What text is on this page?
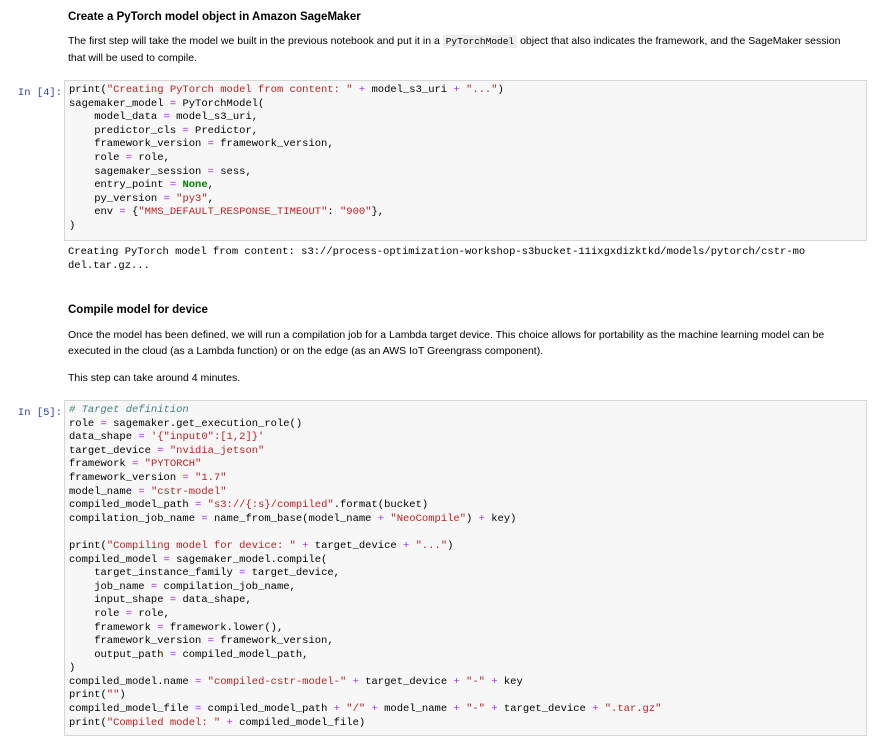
Create a PyTorch model object in Amazon SageMaker
The first step will take the model we built in the previous notebook and put it in a PyTorchModel object that also indicates the framework, and the SageMaker session that will be used to compile.
In [4]: print("Creating PyTorch model from content: " + model_s3_uri + "...")
sagemaker_model = PyTorchModel(
model_data = model_s3_uri,
predictor_cls = Predictor,
framework_version = framework_version,
role = role,
sagemaker_session = sess,
entry_point = None,
py_version = "py3",
env = {"MMS_DEFAULT_RESPONSE_TIMEOUT": "900"},
)
Creating PyTorch model from content: s3://process-optimization-workshop-s3bucket-11ixgxdizktkd/models/pytorch/cstr-mo
del.tar.gz...
Compile model for device
Once the model has been defined, we will run a compilation job for a Lambda target device. This choice allows for portability as the machine learning model can be executed in the cloud (as a Lambda function) or on the edge (as an AWS IoT Greengrass component).
This step can take around 4 minutes.
In [5]: # Target definition
role = sagemaker.get_execution_role()
data_shape = '{"input0":[1,2]}'
target_device = "nvidia_jetson"
framework = "PYTORCH"
framework_version = "1.7"
model_name = "cstr-model"
compiled_model_path = "s3://{:s}/compiled".format(bucket)
compilation_job_name = name_from_base(model_name + "NeoCompile") + key)
print("Compiling model for device: " + target_device + "...")
compiled_model = sagemaker_model.compile(
target_instance_family = target_device,
job_name = compilation_job_name,
input_shape = data_shape,
role = role,
framework = framework.lower(),
framework_version = framework_version,
output_path = compiled_model_path,
)
compiled_model.name = "compiled-cstr-model-" + target_device + "-" + key
print("")
compiled_model_file = compiled_model_path + "/" + model_name + "-" + target_device + ".tar.gz"
print("Compiled model: " + compiled_model_file)
